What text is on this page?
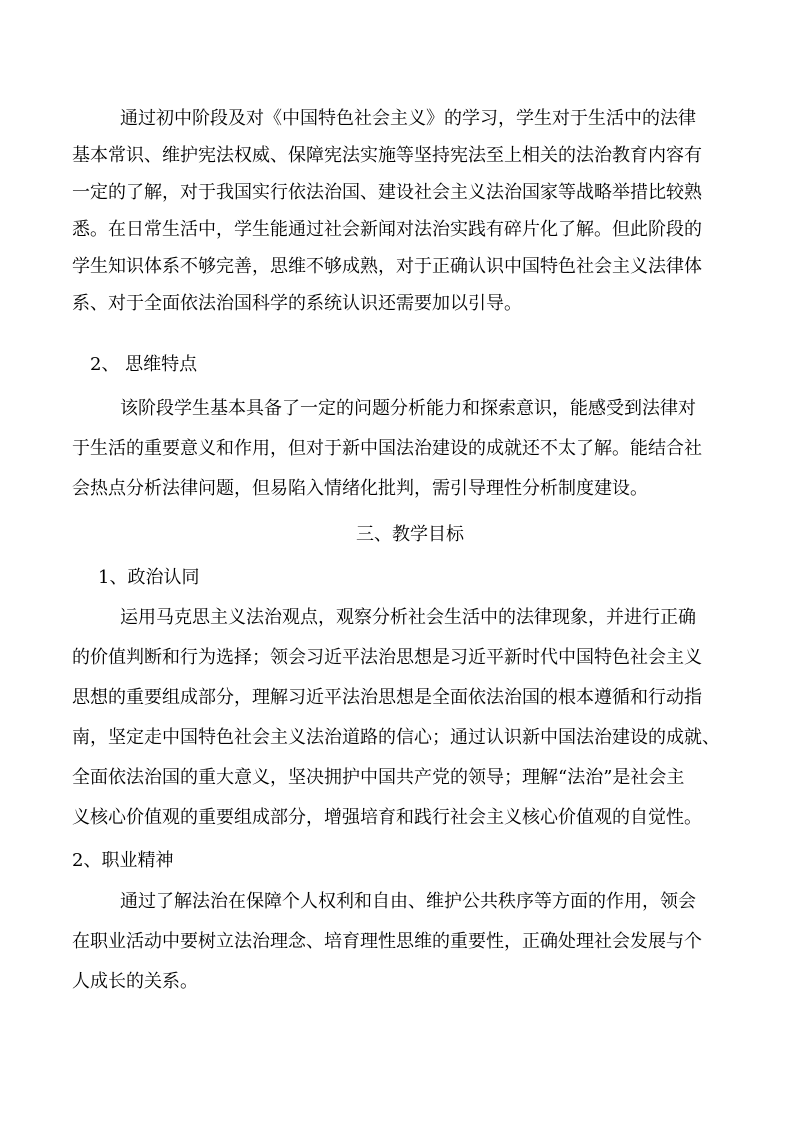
通过初中阶段及对《中国特色社会主义》的学习，学生对于生活中的法律
基本常识、维护宪法权威、保障宪法实施等坚持宪法至上相关的法治教育内容有
一定的了解，对于我国实行依法治国、建设社会主义法治国家等战略举措比较熟
悉。在日常生活中，学生能通过社会新闻对法治实践有碎片化了解。但此阶段的
学生知识体系不够完善，思维不够成熟，对于正确认识中国特色社会主义法律体
系、对于全面依法治国科学的系统认识还需要加以引导。
2、 思维特点
该阶段学生基本具备了一定的问题分析能力和探索意识，能感受到法律对
于生活的重要意义和作用，但对于新中国法治建设的成就还不太了解。能结合社
会热点分析法律问题，但易陷入情绪化批判，需引导理性分析制度建设。
三、教学目标
1、政治认同
运用马克思主义法治观点，观察分析社会生活中的法律现象，并进行正确
的价值判断和行为选择；领会习近平法治思想是习近平新时代中国特色社会主义
思想的重要组成部分，理解习近平法治思想是全面依法治国的根本遵循和行动指
南，坚定走中国特色社会主义法治道路的信心；通过认识新中国法治建设的成就、
全面依法治国的重大意义，坚决拥护中国共产党的领导；理解“法治”是社会主
义核心价值观的重要组成部分，增强培育和践行社会主义核心价值观的自觉性。
2、职业精神
通过了解法治在保障个人权利和自由、维护公共秩序等方面的作用，领会
在职业活动中要树立法治理念、培育理性思维的重要性，正确处理社会发展与个
人成长的关系。
